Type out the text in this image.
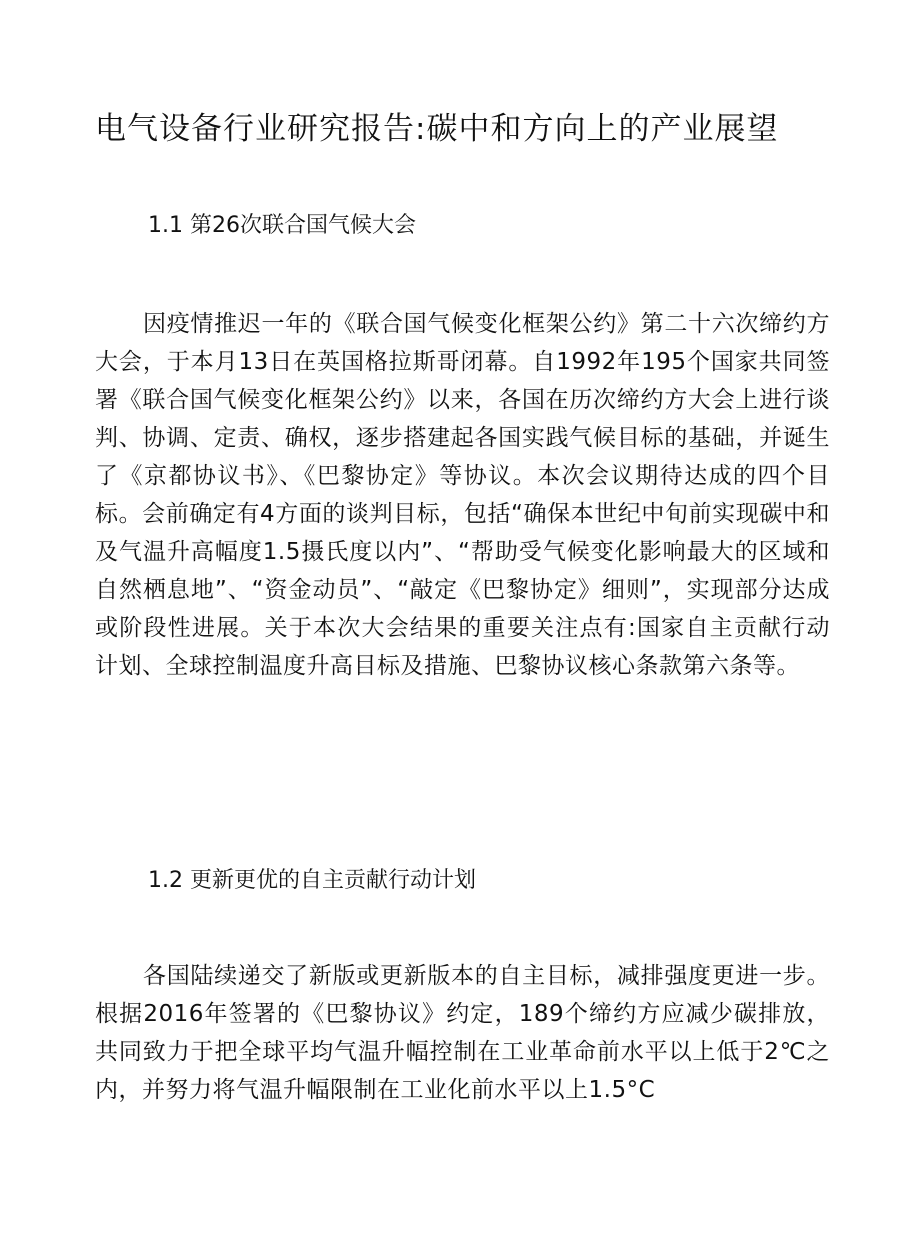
电气设备行业研究报告:碳中和方向上的产业展望
1.1 第26次联合国气候大会

因疫情推迟一年的《联合国气候变化框架公约》第二十六次缔约方大会，于本月13日在英国格拉斯哥闭幕。自1992年195个国家共同签署《联合国气候变化框架公约》以来，各国在历次缔约方大会上进行谈判、协调、定责、确权，逐步搭建起各国实践气候目标的基础，并诞生了《京都协议书》、《巴黎协定》等协议。本次会议期待达成的四个目标。会前确定有4方面的谈判目标，包括“确保本世纪中旬前实现碳中和及气温升高幅度1.5摄氏度以内”、“帮助受气候变化影响最大的区域和自然栖息地”、“资金动员”、“敲定《巴黎协定》细则”，实现部分达成或阶段性进展。关于本次大会结果的重要关注点有:国家自主贡献行动计划、全球控制温度升高目标及措施、巴黎协议核心条款第六条等。

1.2 更新更优的自主贡献行动计划

各国陆续递交了新版或更新版本的自主目标，减排强度更进一步。根据2016年签署的《巴黎协议》约定，189个缔约方应减少碳排放，共同致力于把全球平均气温升幅控制在工业革命前水平以上低于2℃之内，并努力将气温升幅限制在工业化前水平以上1.5°C
